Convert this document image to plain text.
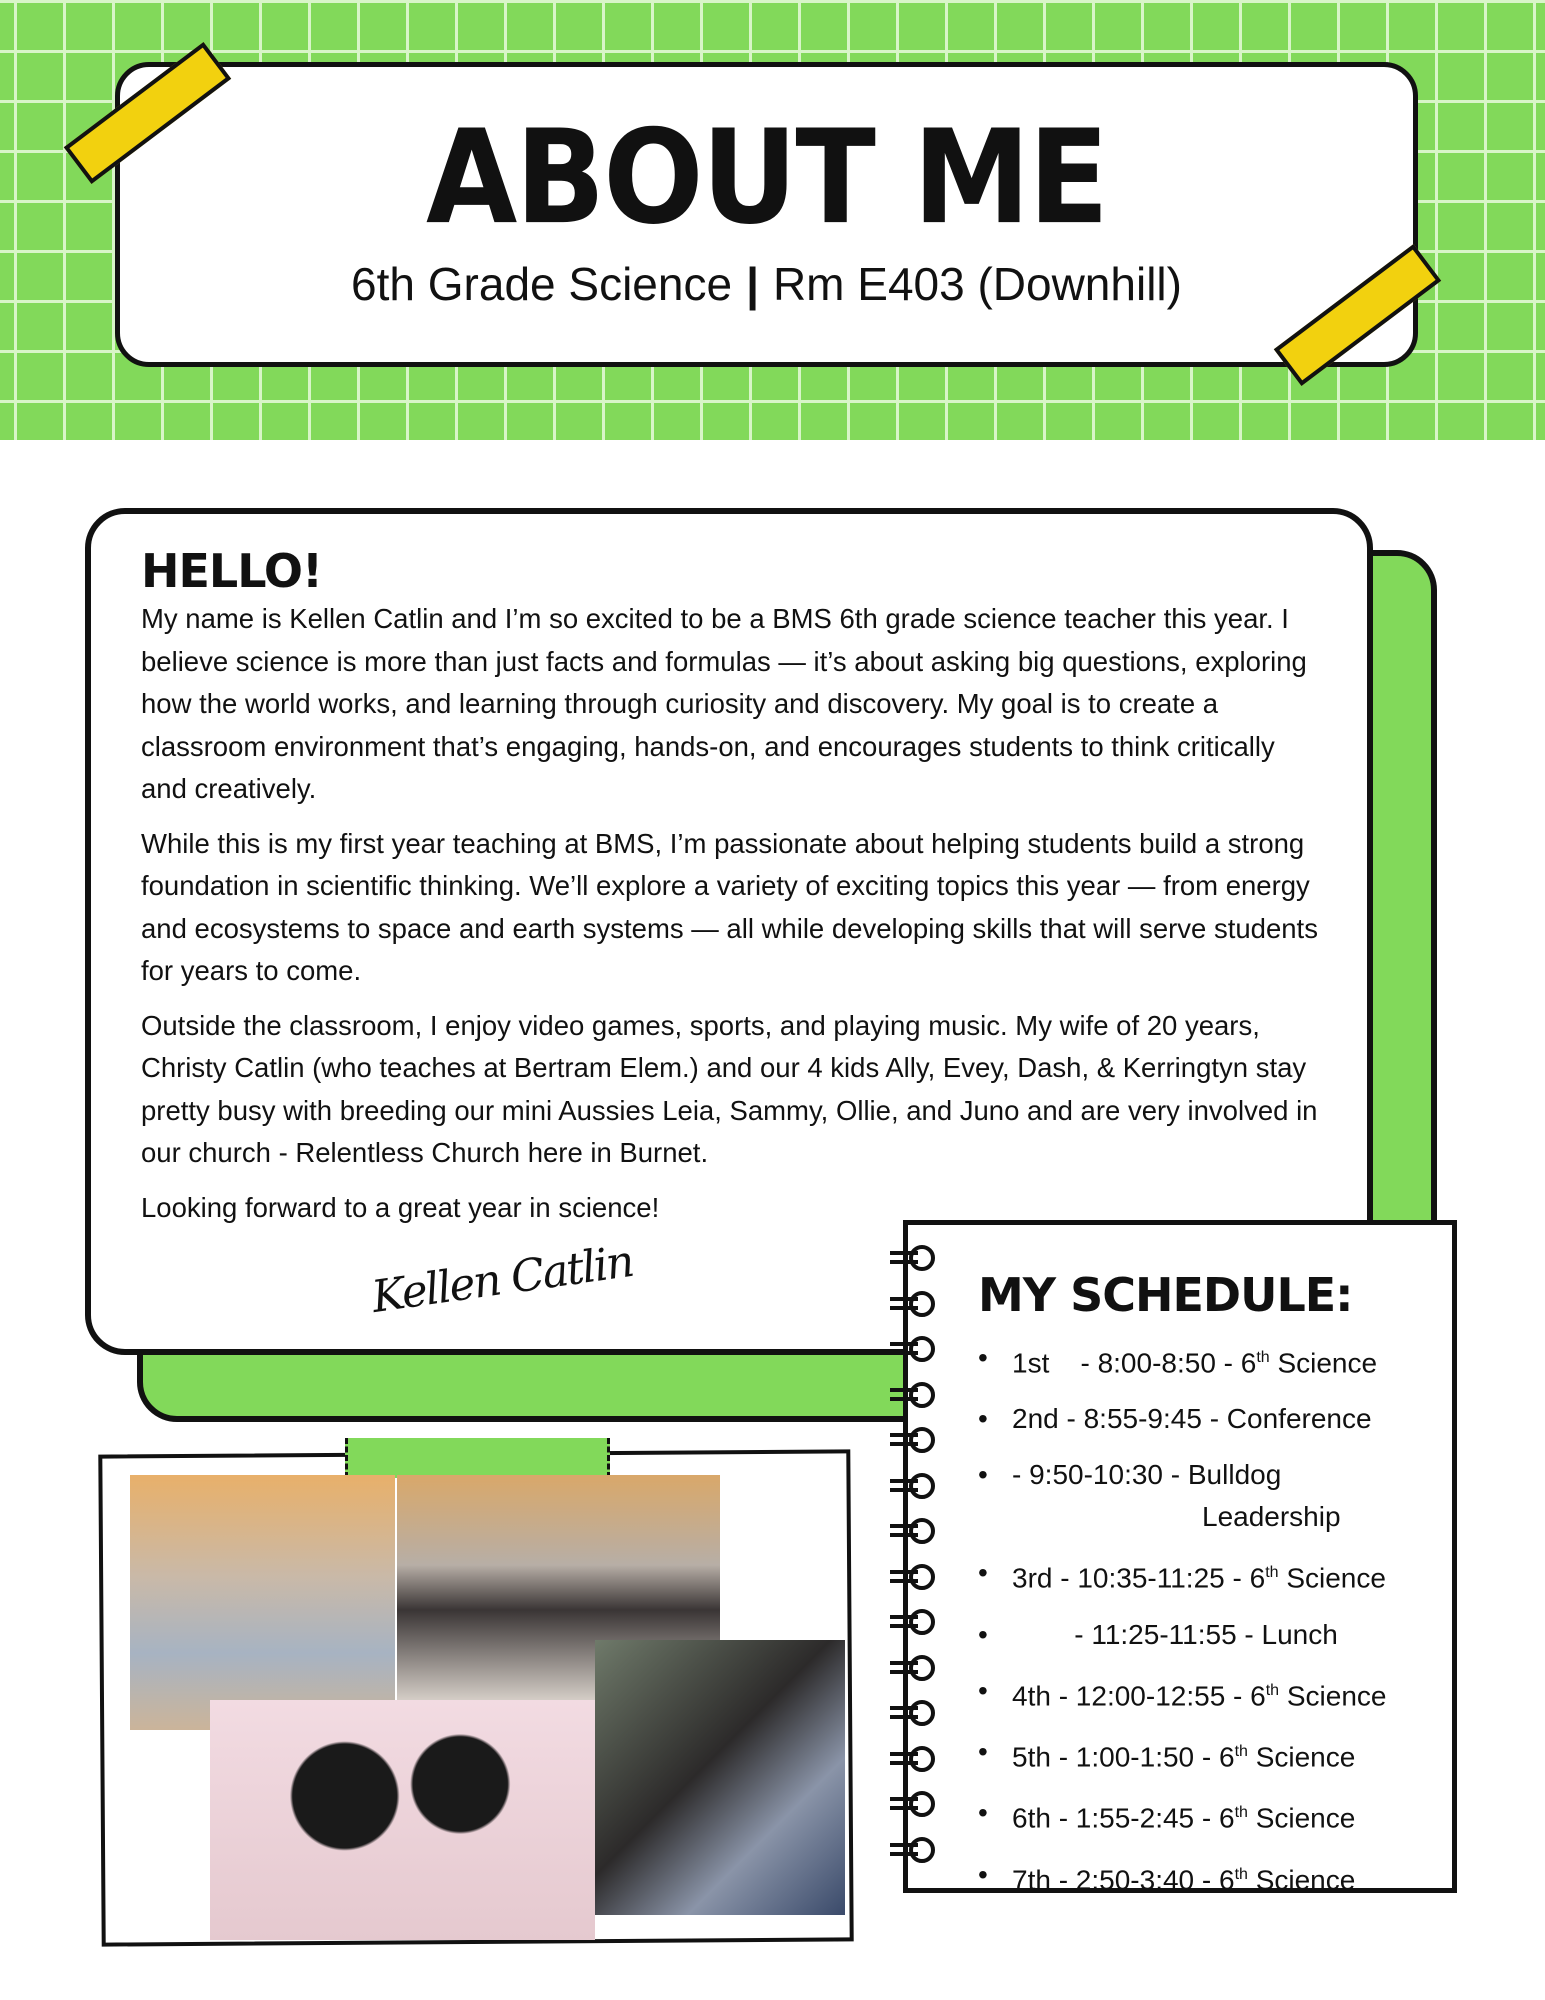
ABOUT ME
6th Grade Science | Rm E403 (Downhill)
HELLO!

My name is Kellen Catlin and I’m so excited to be a BMS 6th grade science teacher this year. I believe science is more than just facts and formulas — it’s about asking big questions, exploring how the world works, and learning through curiosity and discovery. My goal is to create a classroom environment that’s engaging, hands-on, and encourages students to think critically and creatively.

While this is my first year teaching at BMS, I’m passionate about helping students build a strong foundation in scientific thinking. We’ll explore a variety of exciting topics this year — from energy and ecosystems to space and earth systems — all while developing skills that will serve students for years to come.

Outside the classroom, I enjoy video games, sports, and playing music. My wife of 20 years, Christy Catlin (who teaches at Bertram Elem.) and our 4 kids Ally, Evey, Dash, & Kerringtyn stay pretty busy with breeding our mini Aussies Leia, Sammy, Ollie, and Juno and are very involved in our church - Relentless Church here in Burnet.

Looking forward to a great year in science!

Kellen Catlin	MY SCHEDULE:
• 1st    - 8:00-8:50 - 6th Science
• 2nd - 8:55-9:45 - Conference
• - 9:50-10:30 - Bulldog
Leadership
• 3rd - 10:35-11:25 - 6th Science
•         - 11:25-11:55 - Lunch
• 4th - 12:00-12:55 - 6th Science
• 5th - 1:00-1:50 - 6th Science
• 6th - 1:55-2:45 - 6th Science
• 7th - 2:50-3:40 - 6th Science
